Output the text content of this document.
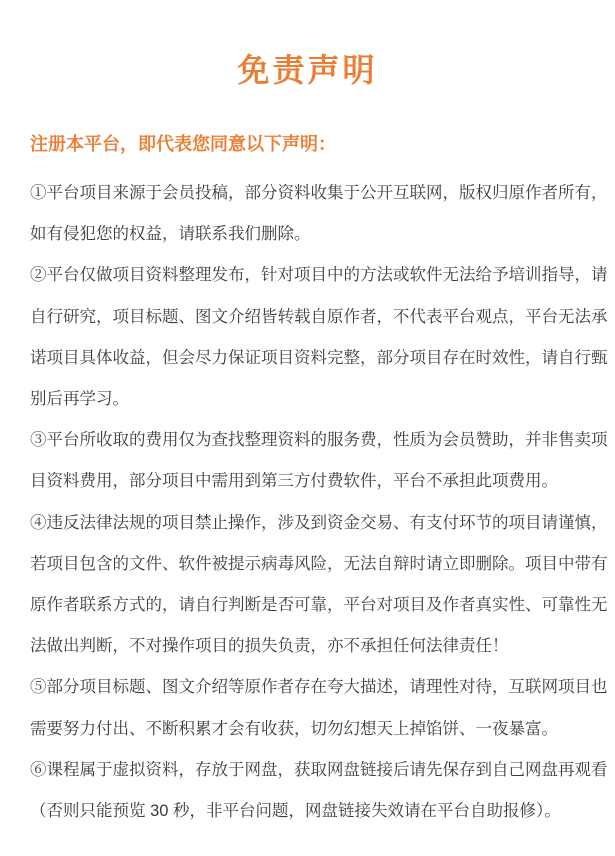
免责声明
注册本平台，即代表您同意以下声明：

①平台项目来源于会员投稿，部分资料收集于公开互联网，版权归原作者所有，
如有侵犯您的权益，请联系我们删除。

②平台仅做项目资料整理发布，针对项目中的方法或软件无法给予培训指导，请
自行研究，项目标题、图文介绍皆转载自原作者，不代表平台观点，平台无法承
诺项目具体收益，但会尽力保证项目资料完整，部分项目存在时效性，请自行甄
别后再学习。

③平台所收取的费用仅为查找整理资料的服务费，性质为会员赞助，并非售卖项
目资料费用，部分项目中需用到第三方付费软件，平台不承担此项费用。

④违反法律法规的项目禁止操作，涉及到资金交易、有支付环节的项目请谨慎，
若项目包含的文件、软件被提示病毒风险，无法自辩时请立即删除。项目中带有
原作者联系方式的，请自行判断是否可靠，平台对项目及作者真实性、可靠性无
法做出判断，不对操作项目的损失负责，亦不承担任何法律责任！

⑤部分项目标题、图文介绍等原作者存在夸大描述，请理性对待，互联网项目也
需要努力付出、不断积累才会有收获，切勿幻想天上掉馅饼、一夜暴富。

⑥课程属于虚拟资料，存放于网盘，获取网盘链接后请先保存到自己网盘再观看
（否则只能预览 30 秒，非平台问题，网盘链接失效请在平台自助报修）。
